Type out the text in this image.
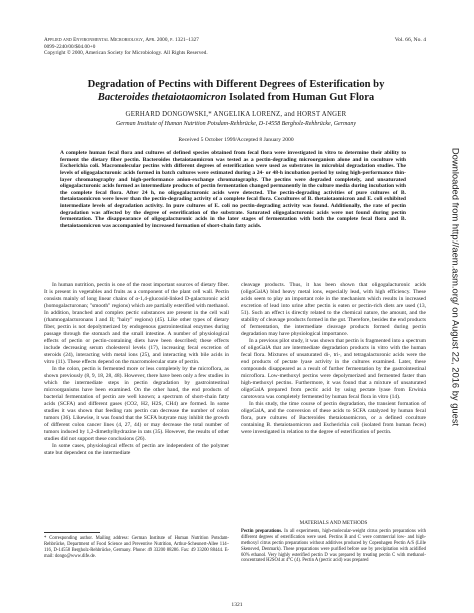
Applied and Environmental Microbiology, Apr. 2000, p. 1321–1327
0099-2240/00/$04.00+0
Copyright © 2000, American Society for Microbiology. All Rights Reserved.
Vol. 66, No. 4
Degradation of Pectins with Different Degrees of Esterification by
Bacteroides thetaiotaomicron Isolated from Human Gut Flora
GERHARD DONGOWSKI,* ANGELIKA LORENZ, and HORST ANGER
German Institute of Human Nutrition Potsdam-Rehbrücke, D-14558 Bergholz-Rehbrücke, Germany
Received 5 October 1999/Accepted 8 January 2000
A complete human fecal flora and cultures of defined species obtained from fecal flora were investigated in vitro to determine their ability to ferment the dietary fiber pectin. Bacteroides thetaiotaomicron was tested as a pectin-degrading microorganism alone and in coculture with Escherichia coli. Macromolecular pectins with different degrees of esterification were used as substrates in microbial degradation studies. The levels of oligogalacturonic acids formed in batch cultures were estimated during a 24- or 48-h incubation period by using high-performance thin-layer chromatography and high-performance anion-exchange chromatography. The pectins were degraded completely, and unsaturated oligogalacturonic acids formed as intermediate products of pectin fermentation changed permanently in the culture media during incubation with the complete fecal flora. After 24 h, no oligogalacturonic acids were detected. The pectin-degrading activities of pure cultures of B. thetaiotaomicron were lower than the pectin-degrading activity of a complete fecal flora. Cocultures of B. thetaiotaomicron and E. coli exhibited intermediate levels of degradation activity. In pure cultures of E. coli no pectin-degrading activity was found. Additionally, the rate of pectin degradation was affected by the degree of esterification of the substrate. Saturated oligogalacturonic acids were not found during pectin fermentation. The disappearance of oligogalacturonic acids in the later stages of fermentation with both the complete fecal flora and B. thetaiotaomicron was accompanied by increased formation of short-chain fatty acids.

In human nutrition, pectin is one of the most important sources of dietary fiber. It is present in vegetables and fruits as a component of the plant cell wall. Pectin consists mainly of long linear chains of α-1,4-glucosid-linked D-galacturonic acid (homogalacturonan; "smooth" regions) which are partially esterified with methanol. In addition, branched and complex pectic substances are present in the cell wall (rhamnogalacturonans I and II; "hairy" regions) (45). Like other types of dietary fiber, pectin is not depolymerized by endogenous gastrointestinal enzymes during passage through the stomach and the small intestine. A number of physiological effects of pectin or pectin-containing diets have been described; these effects include decreasing serum cholesterol levels (17), increasing fecal excretion of steroids (24), interacting with metal ions (25), and interacting with bile acids in vitro (11). These effects depend on the macromolecular state of pectin.

In the colon, pectin is fermented more or less completely by the microflora, as shown previously (8, 9, 18, 28, 48). However, there have been only a few studies in which the intermediate steps in pectin degradation by gastrointestinal microorganisms have been examined. On the other hand, the end products of bacterial fermentation of pectin are well known; a spectrum of short-chain fatty acids (SCFA) and different gases (CO2, H2, H2S, CH4) are formed. In some studies it was shown that feeding rats pectin can decrease the number of colon tumors (36). Likewise, it was found that the SCFA butyrate may inhibit the growth of different colon cancer lines (4, 27, 44) or may decrease the total number of tumors induced by 1,2-dimethylhydrazine in rats (35). However, the results of other studies did not support these conclusions (26).

In some cases, physiological effects of pectin are independent of the polymer state but dependent on the intermediate

cleavage products. Thus, it has been shown that oligogalacturonic acids (oligoGalA) bind heavy metal ions, especially lead, with high efficiency. These acids seem to play an important role in the mechanism which results in increased excretion of lead into urine after pectin is eaten or pectin-rich diets are used (13, 51). Such an effect is directly related to the chemical nature, the amount, and the stability of cleavage products formed in the gut. Therefore, besides the end products of fermentation, the intermediate cleavage products formed during pectin degradation may have physiological importance.

In a previous pilot study, it was shown that pectin is fragmented into a spectrum of oligoGalA that are intermediate degradation products in vitro with the human fecal flora. Mixtures of unsaturated di-, tri-, and tetragalacturonic acids were the end products of pectate lyase activity in the cultures examined. Later, these compounds disappeared as a result of further fermentation by the gastrointestinal microflora. Low-methoxyl pectins were depolymerized and fermented faster than high-methoxyl pectins. Furthermore, it was found that a mixture of unsaturated oligoGalA prepared from pectic acid by using pectate lyase from Erwinia carotovora was completely fermented by human fecal flora in vitro (14).

In this study, the time course of pectin degradation, the transient formation of oligoGalA, and the conversion of these acids to SCFA catalyzed by human fecal flora, pure cultures of Bacteroides thetaiotaomicron, or a defined coculture containing B. thetaiotaomicron and Escherichia coli (isolated from human feces) were investigated in relation to the degree of esterification of pectin.

* Corresponding author. Mailing address: German Institute of Human Nutrition Potsdam-Rehbrücke, Department of Food Science and Preventive Nutrition, Arthur-Scheunert-Allee 114–116, D-14558 Bergholz-Rehbrücke, Germany. Phone: 49 33200 88286. Fax: 49 33200 88444. E-mail: dongo@www.dife.de.
MATERIALS AND METHODS
Pectin preparations. In all experiments, high-molecular-weight citrus pectin preparations with different degrees of esterification were used. Pectins B and C were commercial low- and high-methoxyl citrus pectin preparations without additives produced by Copenhagen Pectin A/S (Lille Skensved, Denmark). These preparations were purified before use by precipitation with acidified 60% ethanol. Very highly esterified pectin D was prepared by treating pectin C with methanol-concentrated H2SO4 at 4°C (4). Pectin A (pectic acid) was prepared
1321
Downloaded from http://aem.asm.org/ on August 22, 2016 by guest
